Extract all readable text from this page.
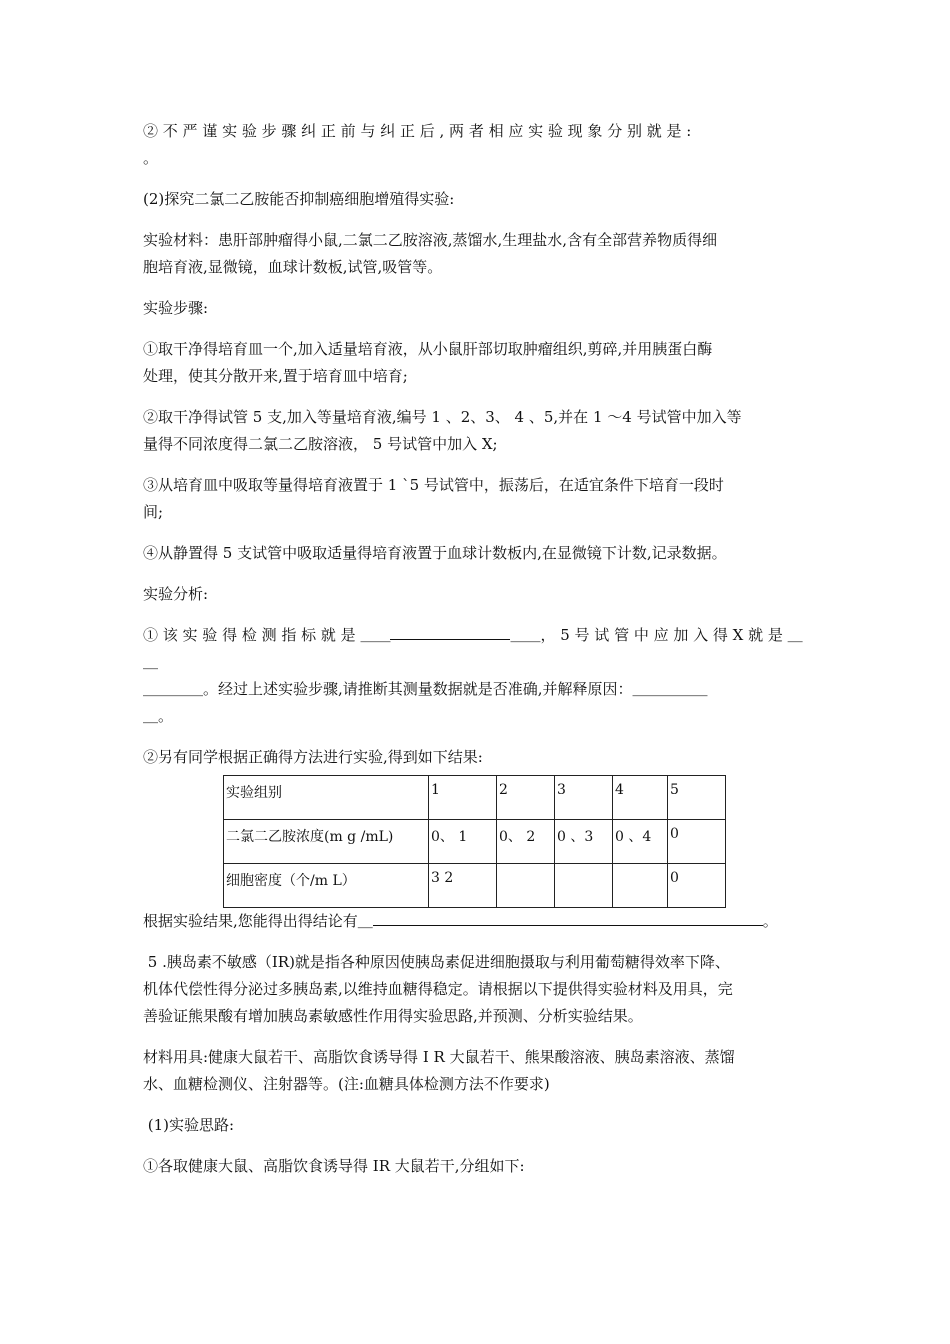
② 不 严 谨 实 验 步 骤 纠 正 前 与 纠 正 后 , 两 者 相 应 实 验 现 象 分 别 就 是 :

。

(2)探究二氯二乙胺能否抑制癌细胞增殖得实验:

实验材料：患肝部肿瘤得小鼠,二氯二乙胺溶液,蒸馏水,生理盐水,含有全部营养物质得细

胞培育液,显微镜，血球计数板,试管,吸管等。

实验步骤:

①取干净得培育皿一个,加入适量培育液，从小鼠肝部切取肿瘤组织,剪碎,并用胰蛋白酶

处理，使其分散开来,置于培育皿中培育;

②取干净得试管 5 支,加入等量培育液,编号 1 、2、3、 4 、5,并在 1 ～4 号试管中加入等

量得不同浓度得二氯二乙胺溶液， 5 号试管中加入 X;

③从培育皿中吸取等量得培育液置于 1 ˋ5 号试管中，振荡后，在适宜条件下培育一段时

间;

④从静置得 5 支试管中吸取适量得培育液置于血球计数板内,在显微镜下计数,记录数据。

实验分析:

① 该 实 验 得 检 测 指 标 就 是 ＿＿	＿＿， 5 号 试 管 中 应 加 入 得 X 就 是 ＿＿

＿＿＿＿。经过上述实验步骤,请推断其测量数据就是否准确,并解释原因：＿＿＿＿＿

＿。

②另有同学根据正确得方法进行实验,得到如下结果:

实验组别	1	2	3	4	5
二氯二乙胺浓度(m g /mL)	0、 1	0、 2	0 、3	0 、4	0
细胞密度（个/m L）	3 2				0

根据实验结果,您能得出得结论有＿	。

5 .胰岛素不敏感（IR)就是指各种原因使胰岛素促进细胞摄取与利用葡萄糖得效率下降、

机体代偿性得分泌过多胰岛素,以维持血糖得稳定。请根据以下提供得实验材料及用具，完

善验证熊果酸有增加胰岛素敏感性作用得实验思路,并预测、分析实验结果。

材料用具:健康大鼠若干、高脂饮食诱导得 I R 大鼠若干、熊果酸溶液、胰岛素溶液、蒸馏

水、血糖检测仪、注射器等。(注:血糖具体检测方法不作要求)

(1)实验思路:

①各取健康大鼠、高脂饮食诱导得 IR 大鼠若干,分组如下:
